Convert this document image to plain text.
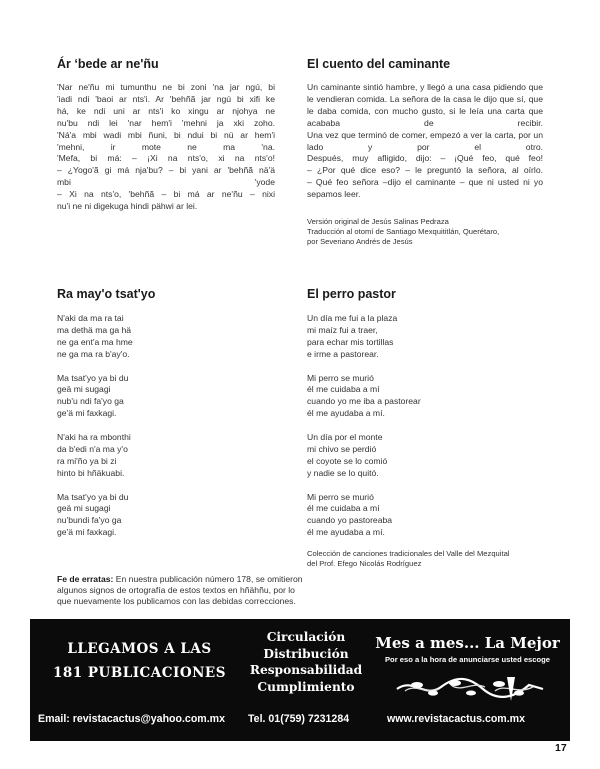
Ár ‘bede ar ne'ñu
'Nar ne'ñu mi tumunthu ne bi zoni 'na jar ngú, bi
'iadi ndi 'baoi ar nts'i. Ar 'behñã jar ngú bi xifi ke
há, ke ndi uni ar nts'i ko xingu ar njohya ne
nu'bu ndi lei 'nar hem'i 'mehni ja xki zoho.
'Ná'a mbi wadi mbi ñuni, bi ndui bi nü ar hem'i
'mehni, ir mote ne ma 'na.
'Mefa, bi má: – ¡Xi na nts'o, xi na nts'o!
– ¿Yogo'ã gi má nja'bu? – bi yani ar 'behñã nä'ä
mbi 'yode
– Xi na nts'o, 'behñã – bi má ar ne'ñu – nixi
nu'i ne ni digekuga hindi pähwi ar lei.
El cuento del caminante
Un caminante sintió hambre, y llegó a una casa pidiendo que
le vendieran comida. La señora de la casa le dijo que sí, que
le daba comida, con mucho gusto, si le leía una carta que
acababa de recibir.
Una vez que terminó de comer, empezó a ver la carta, por un
lado y por el otro.
Después, muy afligido, dijo: – ¡Qué feo, qué feo!
– ¿Por qué dice eso? – le preguntó la señora, al oírlo.
– Qué feo señora –dijo el caminante – que ni usted ni yo
sepamos leer.
Versión original de Jesús Salinas Pedraza
Traducción al otomí de Santiago Mexquititlán, Querétaro,
por Severiano Andrés de Jesús
Ra may'o tsat'yo
N'aki da ma ra tai
ma dethä ma ga hä
ne ga ent'a ma hme
ne ga ma ra b'ay'o.
Ma tsat'yo ya bi du
geä mi sugagi
nub'u ndi fa'yo ga
ge'ä mi faxkagi.
N'aki ha ra mbonthi
da b'edi n'a ma y'o
ra mi'ño ya bi zi
hinto bi hñäkuabi.
Ma tsat'yo ya bi du
geä mi sugagi
nu'bundi fa'yo ga
ge'ä mi faxkagi.
El perro pastor
Un día me fui a la plaza
mi maíz fui a traer,
para echar mis tortillas
e irme a pastorear.
Mi perro se murió
él me cuidaba a mí
cuando yo me iba a pastorear
él me ayudaba a mí.
Un día por el monte
mi chivo se perdió
el coyote se lo comió
y nadie se lo quitó.
Mi perro se murió
él me cuidaba a mí
cuando yo pastoreaba
él me ayudaba a mí.
Colección de canciones tradicionales del Valle del Mezquital
del Prof. Efego Nicolás Rodríguez
Fe de erratas: En nuestra publicación número 178, se omitieron
algunos signos de ortografía de estos textos en hñähñu, por lo
que nuevamente los publicamos con las debidas correcciones.
LLEGAMOS A LAS
181 PUBLICACIONES
Circulación
Distribución
Responsabilidad
Cumplimiento
Mes a mes... La Mejor
Por eso a la hora de anunciarse usted escoge
Email: revistacactus@yahoo.com.mx Tel. 01(759) 7231284	www.revistacactus.com.mx
17
